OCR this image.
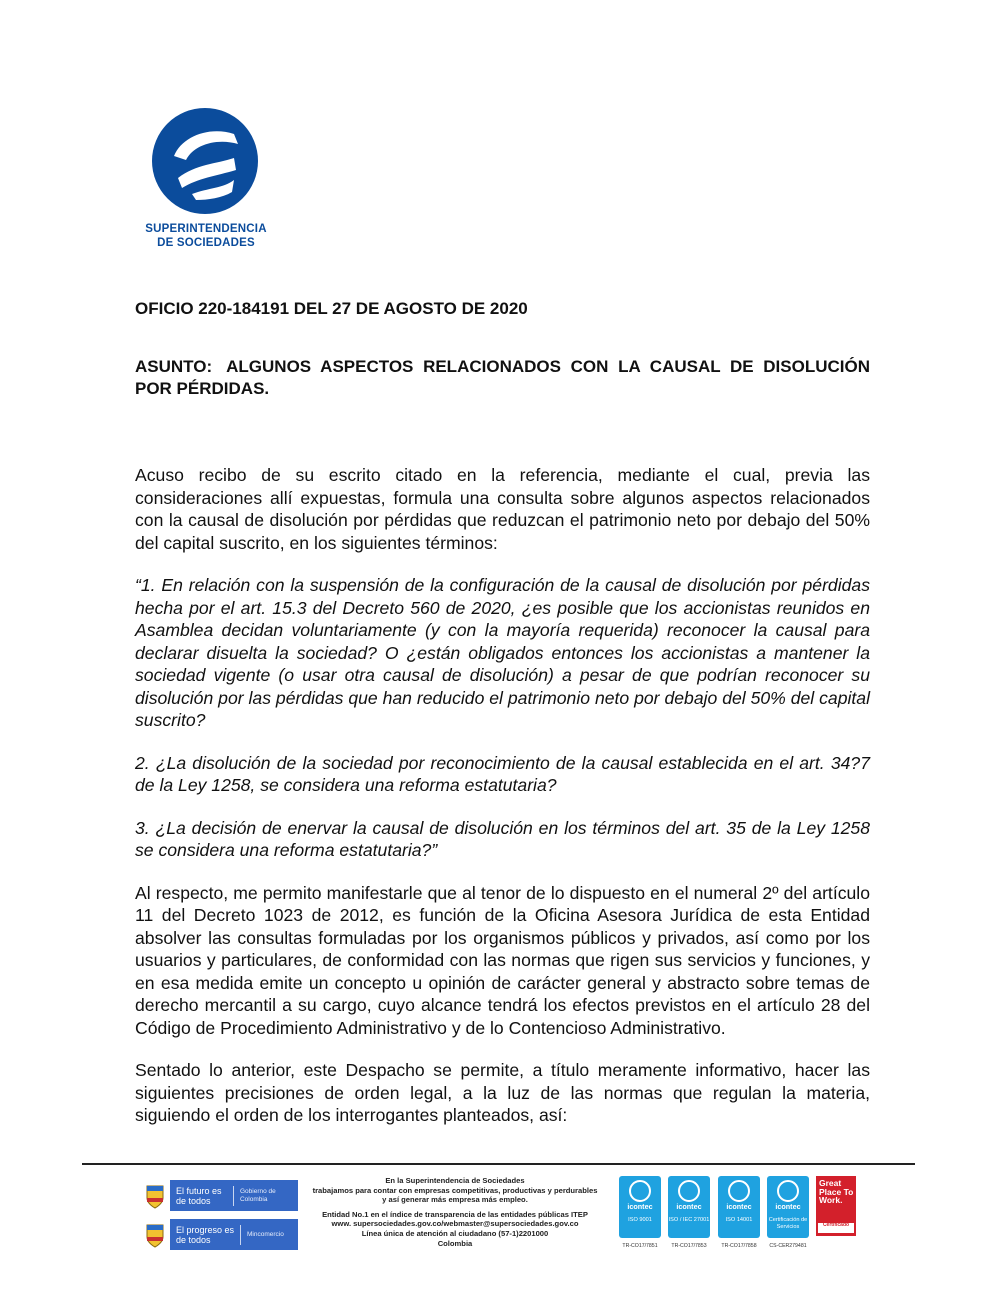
SUPERINTENDENCIA
DE SOCIEDADES

OFICIO 220-184191 DEL 27 DE AGOSTO DE 2020

ASUNTO: ALGUNOS ASPECTOS RELACIONADOS CON LA CAUSAL DE DISOLUCIÓN POR PÉRDIDAS.

Acuso recibo de su escrito citado en la referencia, mediante el cual, previa las consideraciones allí expuestas, formula una consulta sobre algunos aspectos relacionados con la causal de disolución por pérdidas que reduzcan el patrimonio neto por debajo del 50% del capital suscrito, en los siguientes términos:

“1. En relación con la suspensión de la configuración de la causal de disolución por pérdidas hecha por el art. 15.3 del Decreto 560 de 2020, ¿es posible que los accionistas reunidos en Asamblea decidan voluntariamente (y con la mayoría requerida) reconocer la causal para declarar disuelta la sociedad? O ¿están obligados entonces los accionistas a mantener la sociedad vigente (o usar otra causal de disolución) a pesar de que podrían reconocer su disolución por las pérdidas que han reducido el patrimonio neto por debajo del 50% del capital suscrito?

2. ¿La disolución de la sociedad por reconocimiento de la causal establecida en el art. 34?7 de la Ley 1258, se considera una reforma estatutaria?

3. ¿La decisión de enervar la causal de disolución en los términos del art. 35 de la Ley 1258 se considera una reforma estatutaria?”

Al respecto, me permito manifestarle que al tenor de lo dispuesto en el numeral 2º del artículo 11 del Decreto 1023 de 2012, es función de la Oficina Asesora Jurídica de esta Entidad absolver las consultas formuladas por los organismos públicos y privados, así como por los usuarios y particulares, de conformidad con las normas que rigen sus servicios y funciones, y en esa medida emite un concepto u opinión de carácter general y abstracto sobre temas de derecho mercantil a su cargo, cuyo alcance tendrá los efectos previstos en el artículo 28 del Código de Procedimiento Administrativo y de lo Contencioso Administrativo.

Sentado lo anterior, este Despacho se permite, a título meramente informativo, hacer las siguientes precisiones de orden legal, a la luz de las normas que regulan la materia, siguiendo el orden de los interrogantes planteados, así:

El futuro es de todos
Gobierno de Colombia
El progreso es de todos
Mincomercio
En la Superintendencia de Sociedades
trabajamos para contar con empresas competitivas, productivas y perdurables
y así generar más empresa más empleo.
Entidad No.1 en el índice de transparencia de las entidades públicas ITEP
www. supersociedades.gov.co/webmaster@supersociedades.gov.co
Línea única de atención al ciudadano (57-1)2201000
Colombia
icontec
ISO 9001
TR-CO17/7851
icontec
ISO / IEC 27001
TR-CO17/7853
icontec
ISO 14001
TR-CO17/7858
icontec
Certificación de Servicios
CS-CER279481
Great Place To Work.
Certificado
